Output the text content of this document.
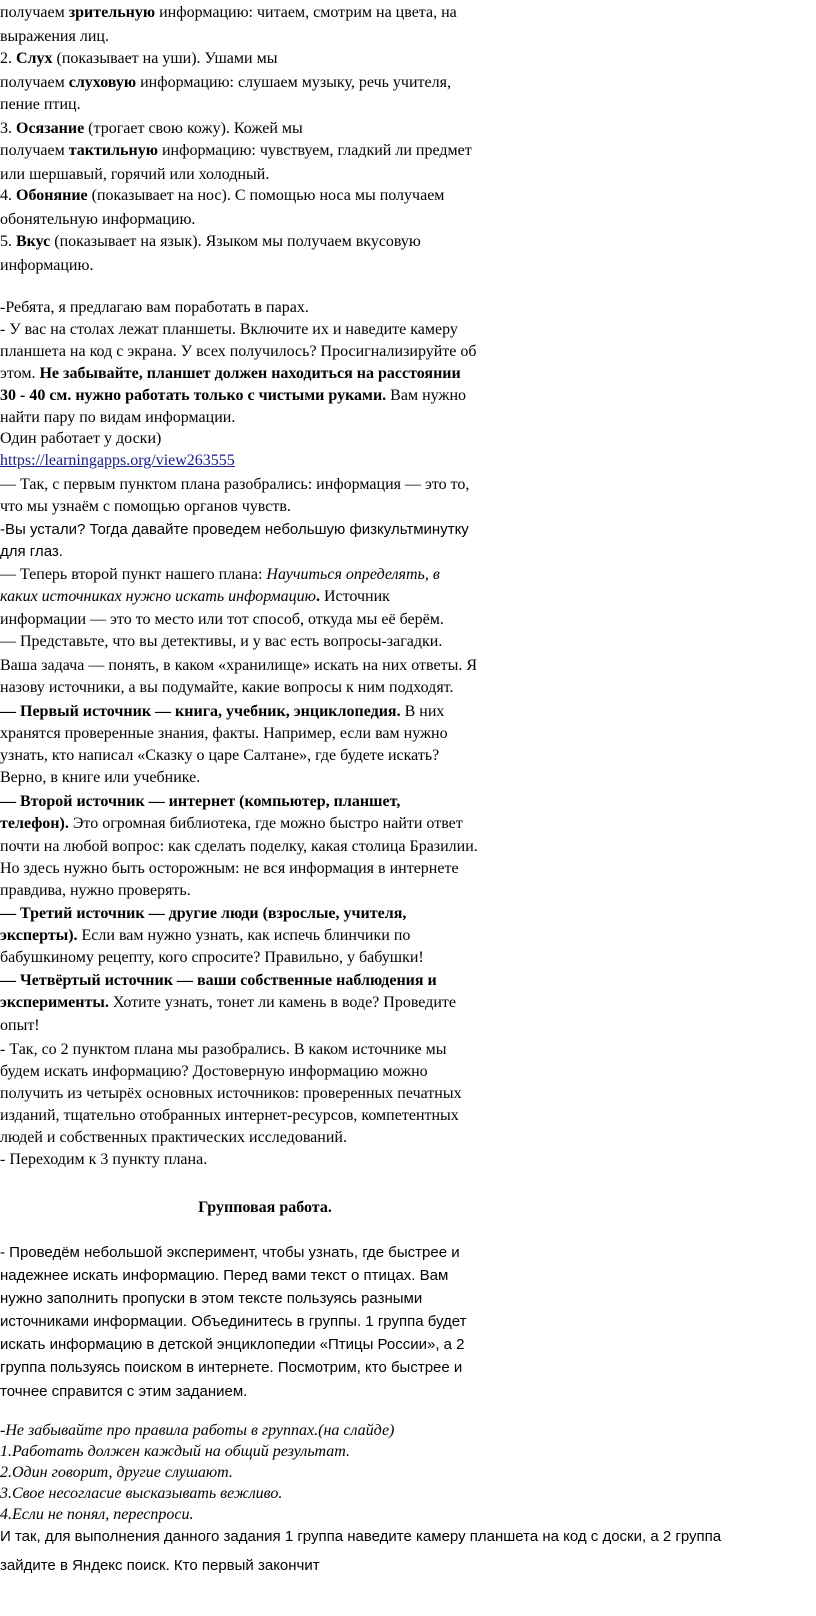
получаем зрительную информацию: читаем, смотрим на цвета, на
выражения лиц.
2. Слух (показывает на уши). Ушами мы
получаем слуховую информацию: слушаем музыку, речь учителя,
пение птиц.
3. Осязание (трогает свою кожу). Кожей мы
получаем тактильную информацию: чувствуем, гладкий ли предмет
или шершавый, горячий или холодный.
4. Обоняние (показывает на нос). С помощью носа мы получаем
обонятельную информацию.
5. Вкус (показывает на язык). Языком мы получаем вкусовую
информацию.
-Ребята, я предлагаю вам поработать в парах.
- У вас на столах лежат планшеты. Включите их и наведите камеру
планшета на код с экрана. У всех получилось? Просигнализируйте об
этом. Не забывайте, планшет должен находиться на расстоянии
30 - 40 см. нужно работать только с чистыми руками. Вам нужно
найти пару по видам информации.
Один работает у доски)
https://learningapps.org/view263555
— Так, с первым пунктом плана разобрались: информация — это то,
что мы узнаём с помощью органов чувств.
-Вы устали? Тогда давайте проведем небольшую физкультминутку
для глаз.
— Теперь второй пункт нашего плана: Научиться определять, в
каких источниках нужно искать информацию. Источник
информации — это то место или тот способ, откуда мы её берём.
— Представьте, что вы детективы, и у вас есть вопросы-загадки.
Ваша задача — понять, в каком «хранилище» искать на них ответы. Я
назову источники, а вы подумайте, какие вопросы к ним подходят.
— Первый источник — книга, учебник, энциклопедия. В них
хранятся проверенные знания, факты. Например, если вам нужно
узнать, кто написал «Сказку о царе Салтане», где будете искать?
Верно, в книге или учебнике.
— Второй источник — интернет (компьютер, планшет,
телефон). Это огромная библиотека, где можно быстро найти ответ
почти на любой вопрос: как сделать поделку, какая столица Бразилии.
Но здесь нужно быть осторожным: не вся информация в интернете
правдива, нужно проверять.
— Третий источник — другие люди (взрослые, учителя,
эксперты). Если вам нужно узнать, как испечь блинчики по
бабушкиному рецепту, кого спросите? Правильно, у бабушки!
— Четвёртый источник — ваши собственные наблюдения и
эксперименты. Хотите узнать, тонет ли камень в воде? Проведите
опыт!
- Так, со 2 пунктом плана мы разобрались. В каком источнике мы
будем искать информацию? Достоверную информацию можно
получить из четырёх основных источников: проверенных печатных
изданий, тщательно отобранных интернет-ресурсов, компетентных
людей и собственных практических исследований.
- Переходим к 3 пункту плана.
Групповая работа.
- Проведём небольшой эксперимент, чтобы узнать, где быстрее и
надежнее искать информацию. Перед вами текст о птицах. Вам
нужно заполнить пропуски в этом тексте пользуясь разными
источниками информации. Объединитесь в группы. 1 группа будет
искать информацию в детской энциклопедии «Птицы России», а 2
группа пользуясь поиском в интернете. Посмотрим, кто быстрее и
точнее справится с этим заданием.
-Не забывайте про правила работы в группах.(на слайде)
1.Работать должен каждый на общий результат.
2.Один говорит, другие слушают.
3.Свое несогласие высказывать вежливо.
4.Если не понял, переспроси.
И так, для выполнения данного задания 1 группа наведите камеру планшета на код с доски, а 2 группа
зайдите в Яндекс поиск. Кто первый закончит
